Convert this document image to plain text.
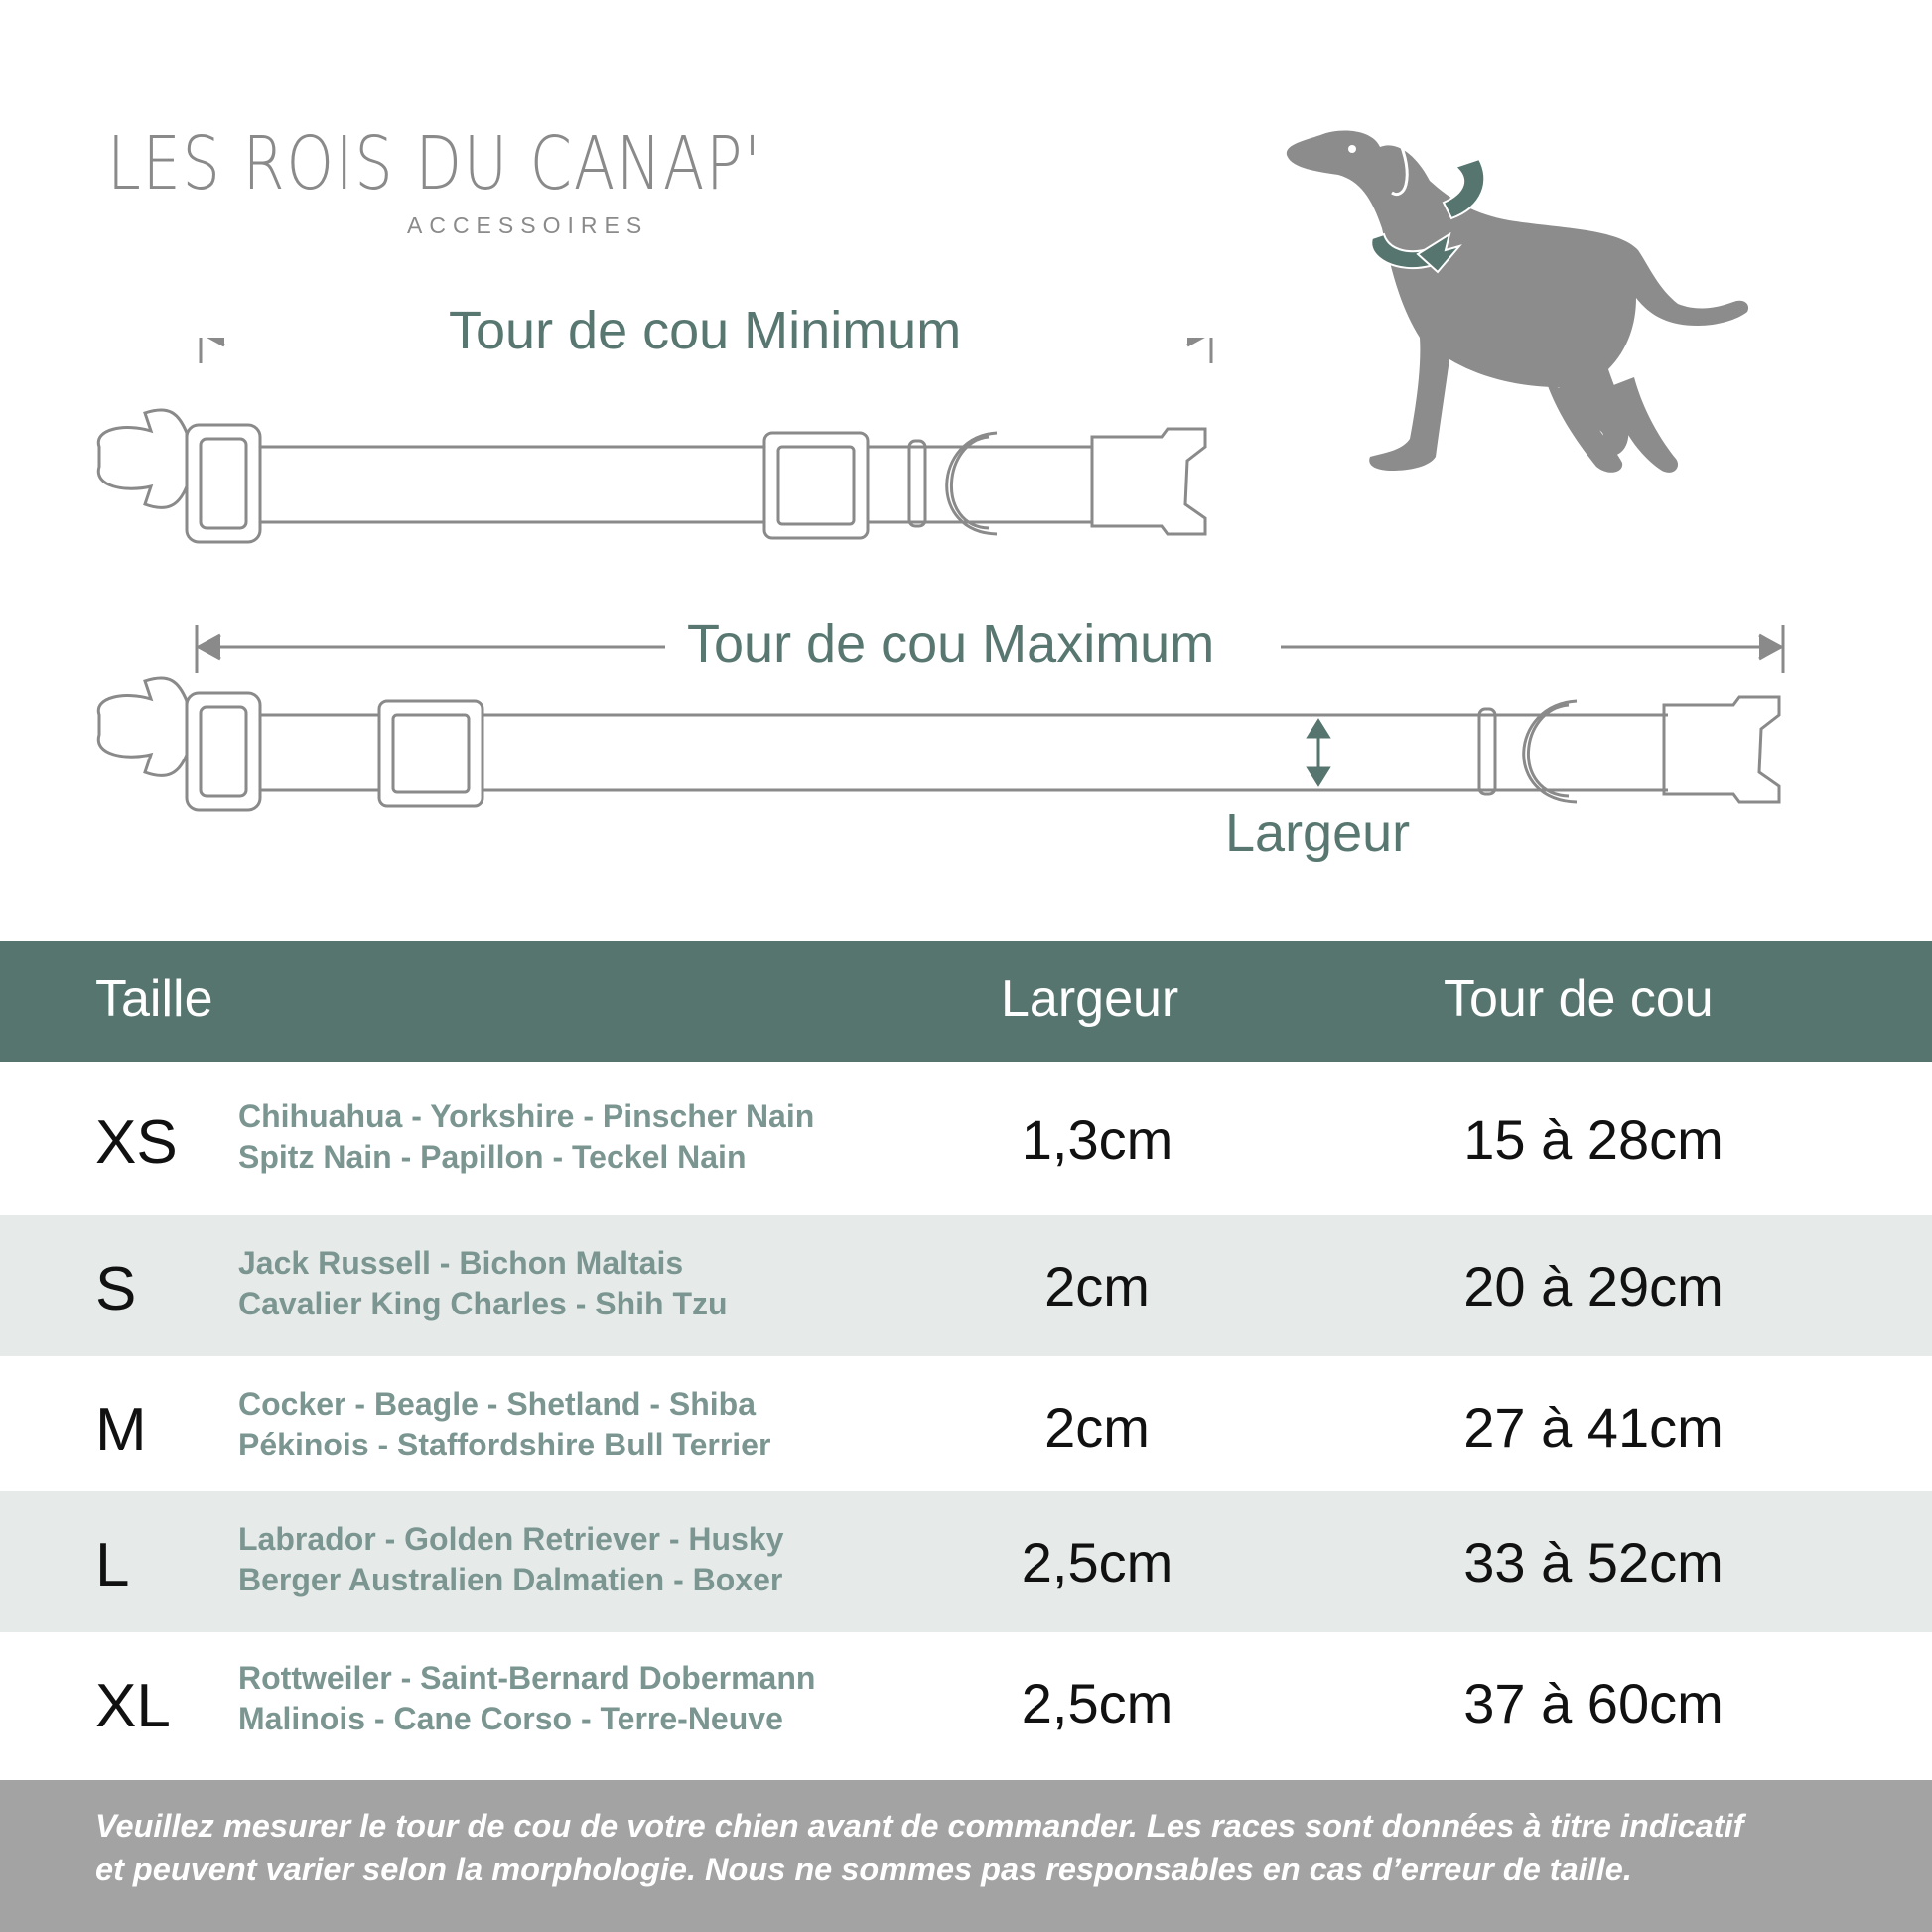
LES ROIS DU CANAP'
ACCESSOIRES
Tour de cou Minimum
Tour de cou Maximum
Largeur
Taille	Largeur	Tour de cou
XS Chihuahua - Yorkshire - Pinscher Nain
Spitz Nain - Papillon - Teckel Nain	1,3cm	15 à 28cm
S	Jack Russell - Bichon Maltais
Cavalier King Charles - Shih Tzu	2cm	20 à 29cm
M	Cocker - Beagle - Shetland - Shiba
Pékinois - Staffordshire Bull Terrier	2cm	27 à 41cm
L	Labrador - Golden Retriever - Husky
Berger Australien Dalmatien - Boxer	2,5cm	33 à 52cm
XL Rottweiler - Saint-Bernard Dobermann
Malinois - Cane Corso - Terre-Neuve	2,5cm	37 à 60cm

Veuillez mesurer le tour de cou de votre chien avant de commander. Les races sont données à titre indicatif
et peuvent varier selon la morphologie. Nous ne sommes pas responsables en cas d’erreur de taille.
